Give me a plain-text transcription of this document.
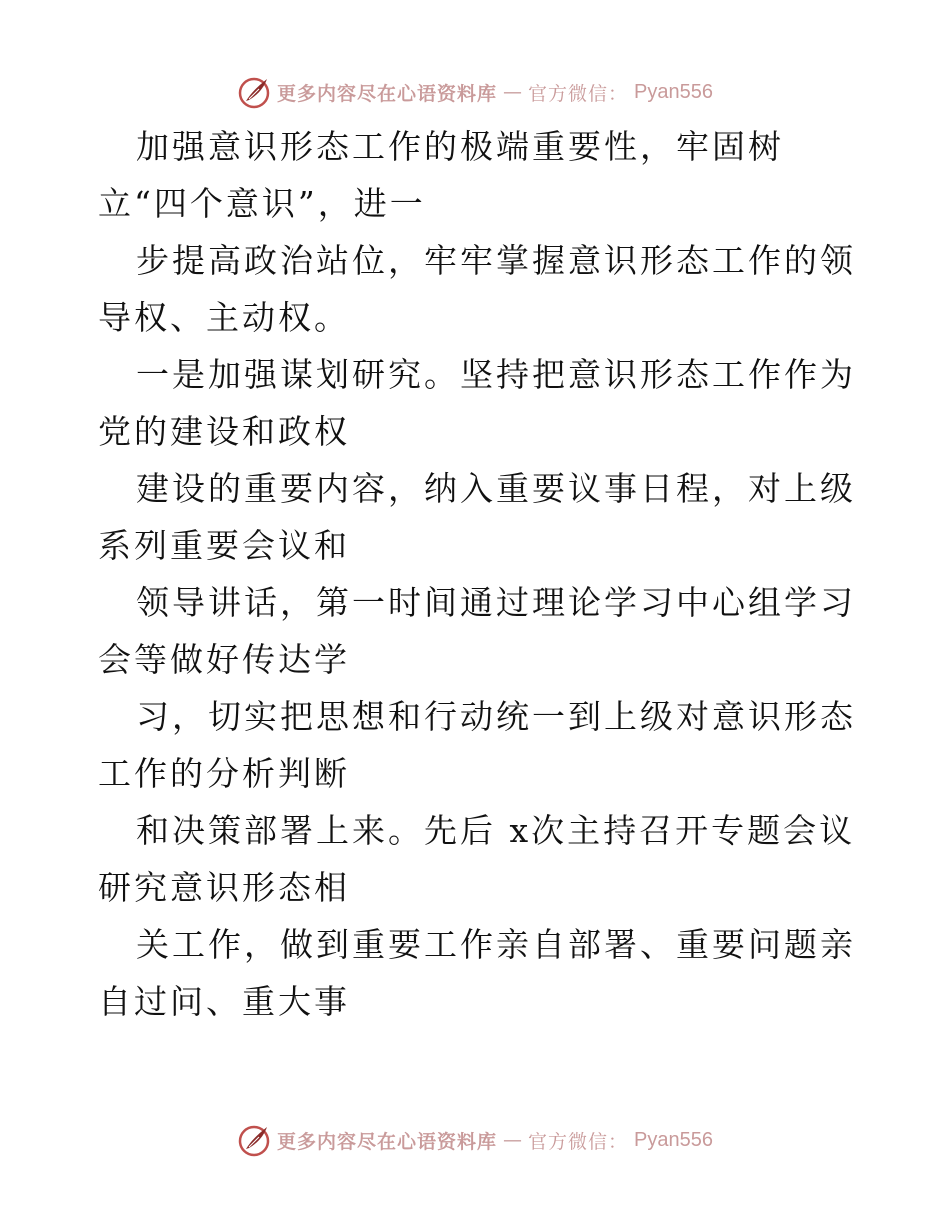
更多内容尽在心语资料库 — 官方微信： Pyan556

加强意识形态工作的极端重要性，牢固树立“四个意识”，进一

步提高政治站位，牢牢掌握意识形态工作的领导权、主动权。

一是加强谋划研究。坚持把意识形态工作作为党的建设和政权

建设的重要内容，纳入重要议事日程，对上级系列重要会议和

领导讲话，第一时间通过理论学习中心组学习会等做好传达学

习，切实把思想和行动统一到上级对意识形态工作的分析判断

和决策部署上来。先后 x次主持召开专题会议研究意识形态相

关工作，做到重要工作亲自部署、重要问题亲自过问、重大事

更多内容尽在心语资料库 — 官方微信： Pyan556
